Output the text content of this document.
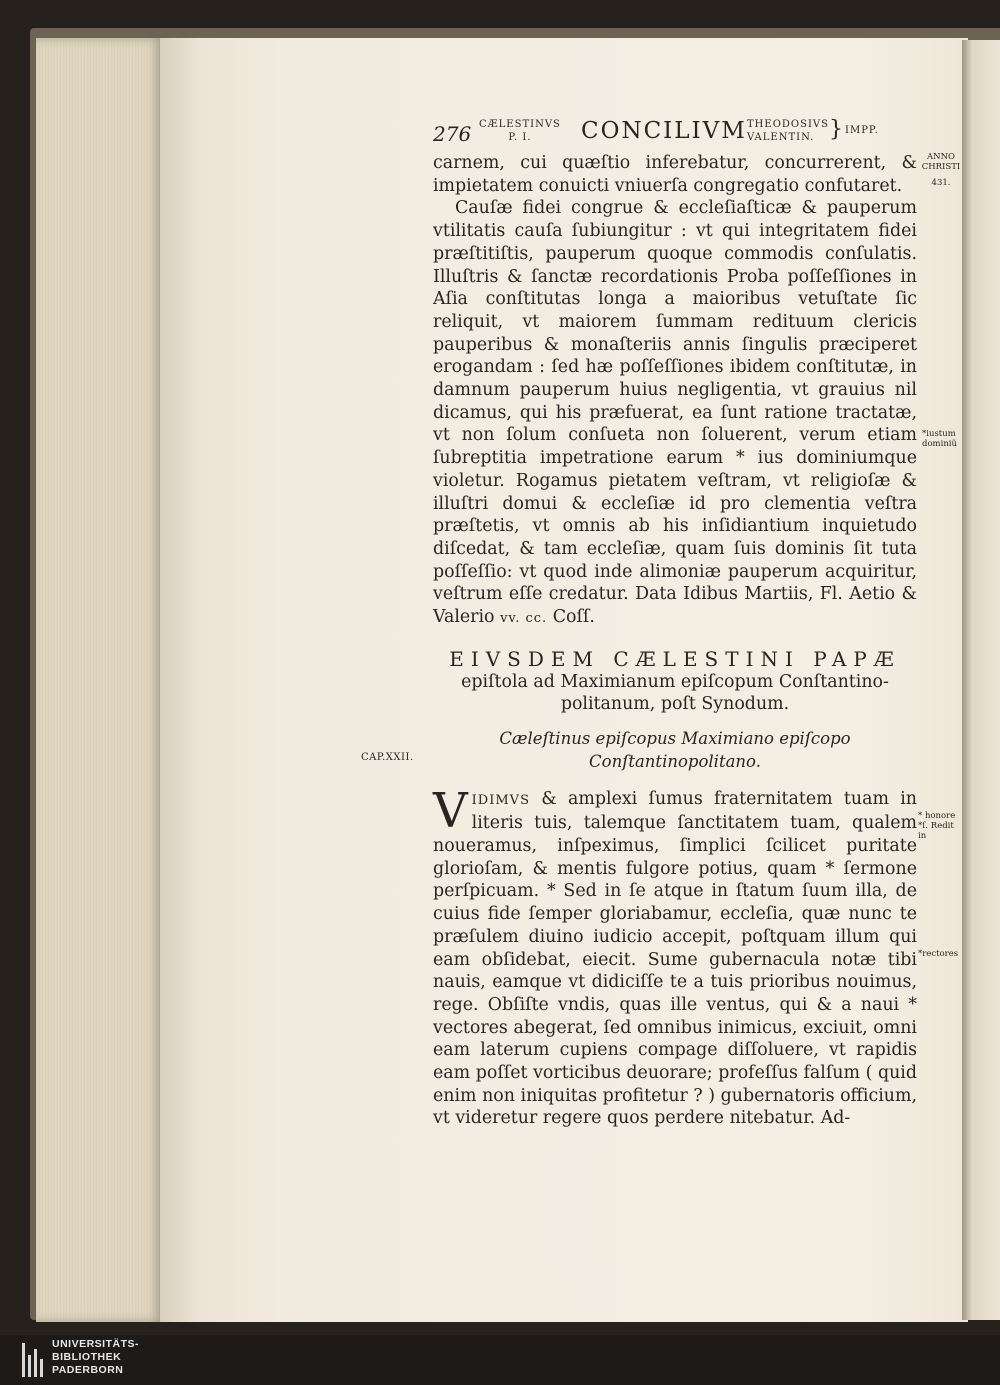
276 CÆLESTINVS
P. I.	CONCILIVM THEODOSIVS
VALENTIN. } IMPP.
ANNO
CHRISTI
431.
*iustum
dominiũ
* honore
*ſ. Redit
in
*rectores
CAP.XXII.

carnem, cui quæſtio inferebatur, concurrerent, & impietatem conuicti vniuerſa congregatio confutaret.

Cauſæ fidei congrue & eccleſiaſticæ & pauperum vtilitatis cauſa ſubiungitur : vt qui integritatem fidei præſtitiſtis, pauperum quoque commodis conſulatis. Illuſtris & ſanctæ recordationis Proba poſſeſſiones in Aſia conſtitutas longa a maioribus vetuſtate ſic reliquit, vt maiorem ſummam redituum clericis pauperibus & monaſteriis annis ſingulis præciperet erogandam : ſed hæ poſſeſſiones ibidem conſtitutæ, in damnum pauperum huius negligentia, vt grauius nil dicamus, qui his præfuerat, ea ſunt ratione tractatæ, vt non ſolum conſueta non ſoluerent, verum etiam ſubreptitia impetratione earum * ius dominiumque violetur. Rogamus pietatem veſtram, vt religioſæ & illuſtri domui & eccleſiæ id pro clementia veſtra præſtetis, vt omnis ab his inſidiantium inquietudo diſcedat, & tam eccleſiæ, quam ſuis dominis ſit tuta poſſeſſio: vt quod inde alimoniæ pauperum acquiritur, veſtrum eſſe credatur. Data Idibus Martiis, Fl. Aetio & Valerio vv. cc. Coſſ.

EIVSDEM CÆLESTINI PAPÆ

epiſtola ad Maximianum epiſcopum Conſtantino-
politanum, poſt Synodum.

Cæleſtinus epiſcopus Maximiano epiſcopo Conſtantinopolitano.

VIDIMVS & amplexi ſumus fraternitatem tuam in literis tuis, talemque ſanctitatem tuam, qualem noueramus, inſpeximus, ſimplici ſcilicet puritate glorioſam, & mentis fulgore potius, quam * ſermone perſpicuam. * Sed in ſe atque in ſtatum ſuum illa, de cuius fide ſemper gloriabamur, eccleſia, quæ nunc te præſulem diuino iudicio accepit, poſtquam illum qui eam obſidebat, eiecit. Sume gubernacula notæ tibi nauis, eamque vt didiciſſe te a tuis prioribus nouimus, rege. Obſiſte vndis, quas ille ventus, qui & a naui * vectores abegerat, ſed omnibus inimicus, exciuit, omni eam laterum cupiens compage diſſoluere, vt rapidis eam poſſet vorticibus deuorare; profeſſus falſum ( quid enim non iniquitas profitetur ? ) gubernatoris officium, vt videretur regere quos perdere nitebatur. Ad-

UNIVERSITÄTS-
BIBLIOTHEK
PADERBORN
